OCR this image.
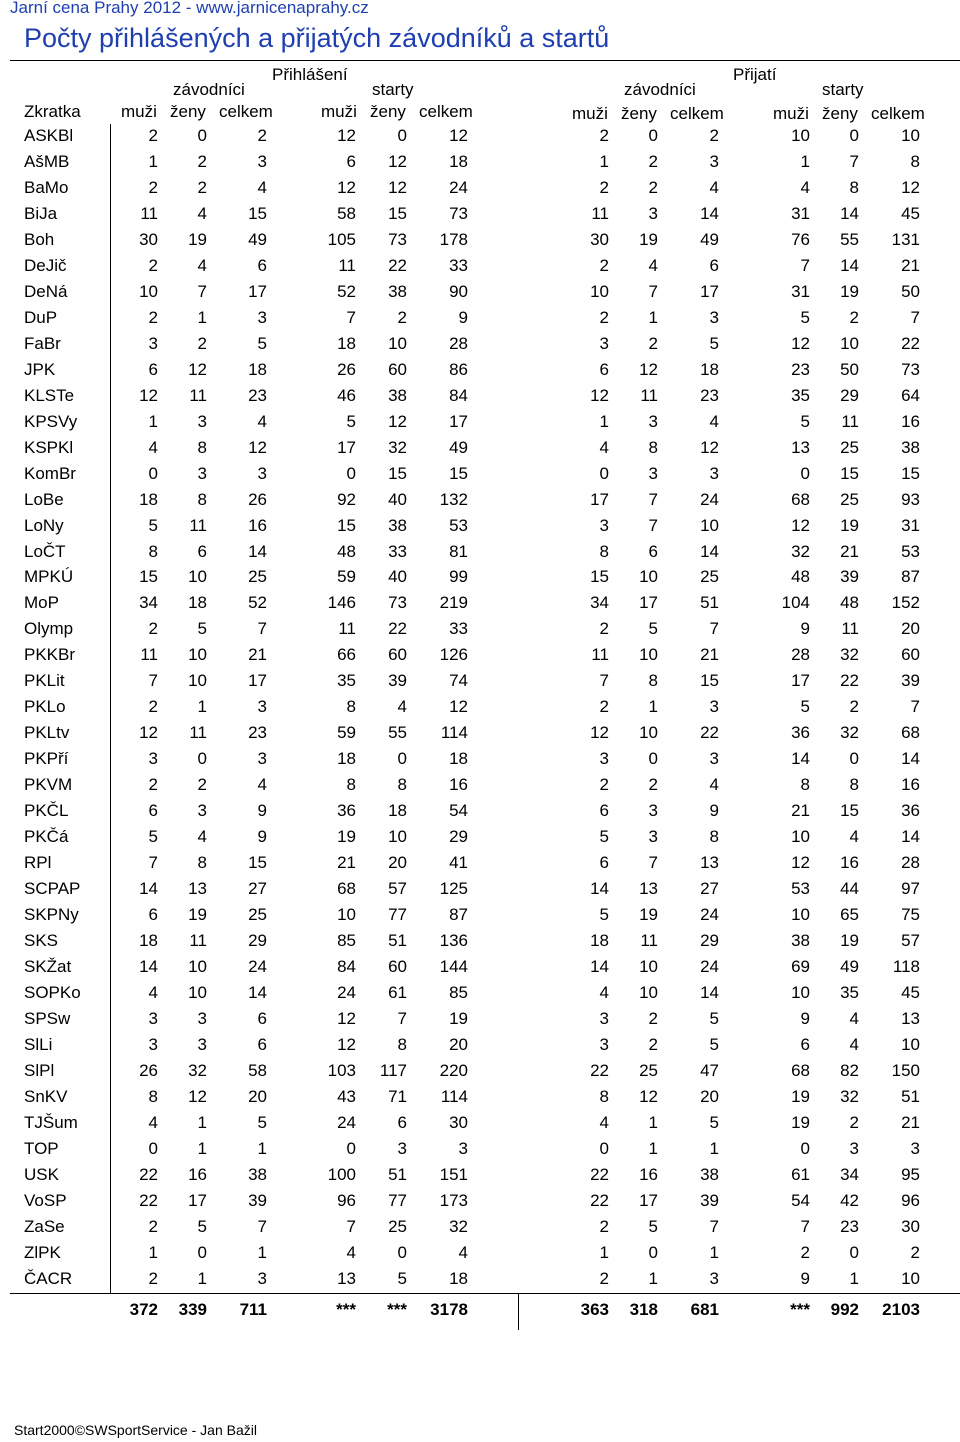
Jarní cena Prahy 2012 - www.jarnicenaprahy.cz
Počty přihlášených a přijatých závodníků a startů
Přihlášení	Přijatí
závodníci	starty	závodníci	starty
Zkratka muži ženy celkem	muži ženy celkem	muži ženy celkem	muži ženy celkem
ASKBl	2	0	2	12	0	12	2	0	2	10	0	10
AšMB	1	2	3	6	12	18	1	2	3	1	7	8
BaMo	2	2	4	12	12	24	2	2	4	4	8	12
BiJa	11	4	15	58	15	73	11	3	14	31	14	45
Boh	30	19	49	105	73	178	30	19	49	76	55	131
DeJič	2	4	6	11	22	33	2	4	6	7	14	21
DeNá	10	7	17	52	38	90	10	7	17	31	19	50
DuP	2	1	3	7	2	9	2	1	3	5	2	7
FaBr	3	2	5	18	10	28	3	2	5	12	10	22
JPK	6	12	18	26	60	86	6	12	18	23	50	73
KLSTe	12	11	23	46	38	84	12	11	23	35	29	64
KPSVy	1	3	4	5	12	17	1	3	4	5	11	16
KSPKl	4	8	12	17	32	49	4	8	12	13	25	38
KomBr	0	3	3	0	15	15	0	3	3	0	15	15
LoBe	18	8	26	92	40	132	17	7	24	68	25	93
LoNy	5	11	16	15	38	53	3	7	10	12	19	31
LoČT	8	6	14	48	33	81	8	6	14	32	21	53
MPKÚ	15	10	25	59	40	99	15	10	25	48	39	87
MoP	34	18	52	146	73	219	34	17	51	104	48	152
Olymp	2	5	7	11	22	33	2	5	7	9	11	20
PKKBr	11	10	21	66	60	126	11	10	21	28	32	60
PKLit	7	10	17	35	39	74	7	8	15	17	22	39
PKLo	2	1	3	8	4	12	2	1	3	5	2	7
PKLtv	12	11	23	59	55	114	12	10	22	36	32	68
PKPří	3	0	3	18	0	18	3	0	3	14	0	14
PKVM	2	2	4	8	8	16	2	2	4	8	8	16
PKČL	6	3	9	36	18	54	6	3	9	21	15	36
PKČá	5	4	9	19	10	29	5	3	8	10	4	14
RPl	7	8	15	21	20	41	6	7	13	12	16	28
SCPAP	14	13	27	68	57	125	14	13	27	53	44	97
SKPNy	6	19	25	10	77	87	5	19	24	10	65	75
SKS	18	11	29	85	51	136	18	11	29	38	19	57
SKŽat	14	10	24	84	60	144	14	10	24	69	49	118
SOPKo	4	10	14	24	61	85	4	10	14	10	35	45
SPSw	3	3	6	12	7	19	3	2	5	9	4	13
SlLi	3	3	6	12	8	20	3	2	5	6	4	10
SlPl	26	32	58	103	117	220	22	25	47	68	82	150
SnKV	8	12	20	43	71	114	8	12	20	19	32	51
TJŠum	4	1	5	24	6	30	4	1	5	19	2	21
TOP	0	1	1	0	3	3	0	1	1	0	3	3
USK	22	16	38	100	51	151	22	16	38	61	34	95
VoSP	22	17	39	96	77	173	22	17	39	54	42	96
ZaSe	2	5	7	7	25	32	2	5	7	7	23	30
ZlPK	1	0	1	4	0	4	1	0	1	2	0	2
ČACR	2	1	3	13	5	18	2	1	3	9	1	10
372	339	711	***	***	3178	363	318	681	***	992	2103
Start2000©SWSportService - Jan Bažil
